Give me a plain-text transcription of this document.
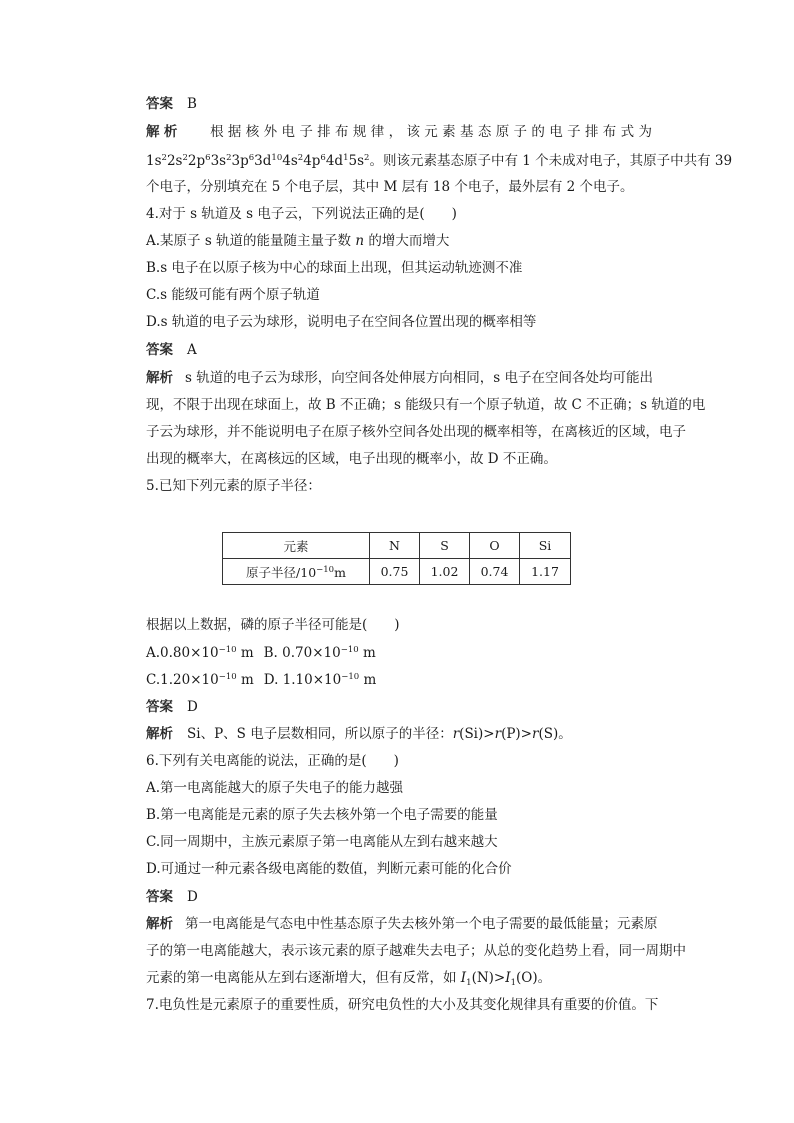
答案 B
解析 根据核外电子排布规律，该元素基态原子的电子排布式为
$1s^22s^22p^63s^23p^63d^{10}4s^24p^64d^15s^2$。则该元素基态原子中有 1 个未成对电子，其原子中共有 39
个电子，分别填充在 5 个电子层，其中 M 层有 18 个电子，最外层有 2 个电子。
4.对于 s 轨道及 s 电子云，下列说法正确的是(　　)
A.某原子 s 轨道的能量随主量子数 n 的增大而增大
B.s 电子在以原子核为中心的球面上出现，但其运动轨迹测不准
C.s 能级可能有两个原子轨道
D.s 轨道的电子云为球形，说明电子在空间各位置出现的概率相等
答案 A
解析 s 轨道的电子云为球形，向空间各处伸展方向相同，s 电子在空间各处均可能出
现，不限于出现在球面上，故 B 不正确；s 能级只有一个原子轨道，故 C 不正确；s 轨道的电
子云为球形，并不能说明电子在原子核外空间各处出现的概率相等，在离核近的区域，电子
出现的概率大，在离核远的区域，电子出现的概率小，故 D 不正确。
5.已知下列元素的原子半径：
元素	N	S	O	Si
原子半径$/10^{-10}m$	0.75	1.02	0.74	1.17
根据以上数据，磷的原子半径可能是(　　)
$A.0.80\times 10^{-10}$ m B. $0.70\times 10^{-10}$ m
$C.1.20\times 10^{-10}$ m D. $1.10\times 10^{-10}$ m
答案 D
解析 Si、P、S 电子层数相同，所以原子的半径：r(Si)>r(P)>r(S)。
6.下列有关电离能的说法，正确的是(　　)
A.第一电离能越大的原子失电子的能力越强
B.第一电离能是元素的原子失去核外第一个电子需要的能量
C.同一周期中，主族元素原子第一电离能从左到右越来越大
D.可通过一种元素各级电离能的数值，判断元素可能的化合价
答案 D
解析 第一电离能是气态电中性基态原子失去核外第一个电子需要的最低能量；元素原
子的第一电离能越大，表示该元素的原子越难失去电子；从总的变化趋势上看，同一周期中
元素的第一电离能从左到右逐渐增大，但有反常，如 $I_1(N)>I_1(O)$。
7.电负性是元素原子的重要性质，研究电负性的大小及其变化规律具有重要的价值。下
